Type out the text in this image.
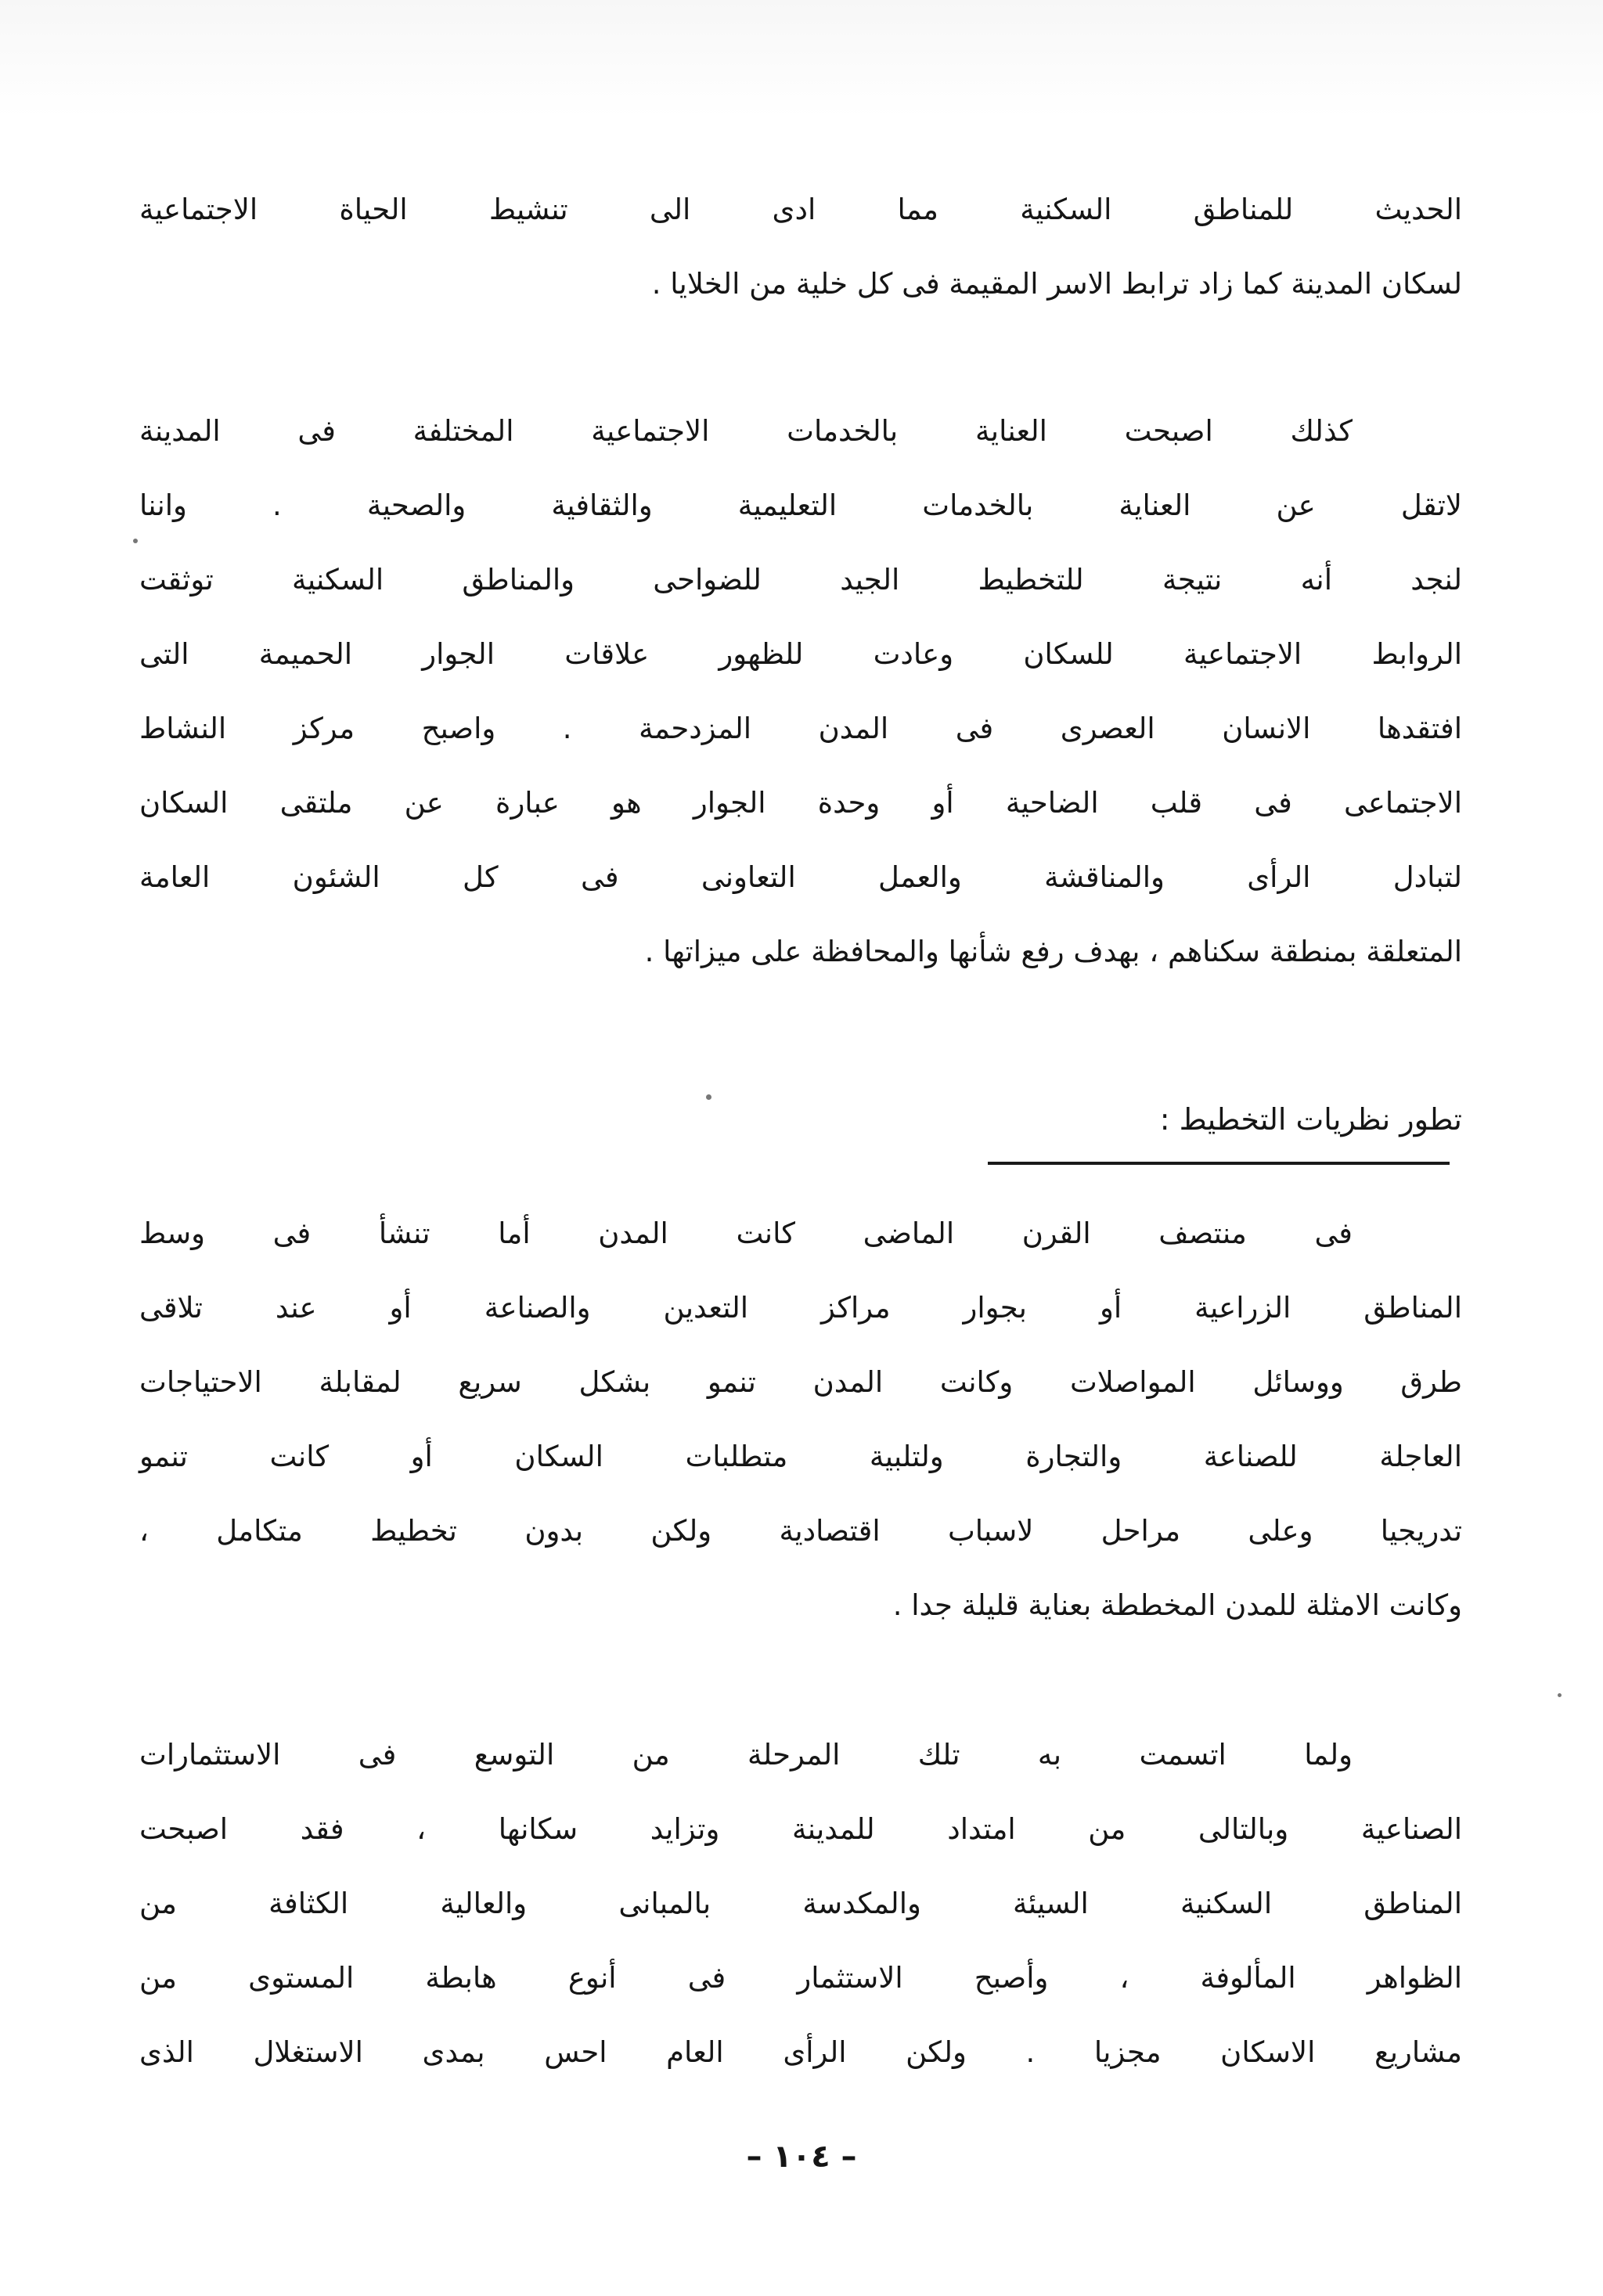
الحديث للمناطق السكنية مما ادى الى تنشيط الحياة الاجتماعية
لسكان المدينة كما زاد ترابط الاسر المقيمة فى كل خلية من الخلايا .
كذلك اصبحت العناية بالخدمات الاجتماعية المختلفة فى المدينة
لاتقل عن العناية بالخدمات التعليمية والثقافية والصحية . واننا
لنجد أنه نتيجة للتخطيط الجيد للضواحى والمناطق السكنية توثقت
الروابط الاجتماعية للسكان وعادت للظهور علاقات الجوار الحميمة التى
افتقدها الانسان العصرى فى المدن المزدحمة . واصبح مركز النشاط
الاجتماعى فى قلب الضاحية أو وحدة الجوار هو عبارة عن ملتقى السكان
لتبادل الرأى والمناقشة والعمل التعاونى فى كل الشئون العامة
المتعلقة بمنطقة سكناهم ، بهدف رفع شأنها والمحافظة على ميزاتها .
تطور نظريات التخطيط :
فى منتصف القرن الماضى كانت المدن أما تنشأ فى وسط
المناطق الزراعية أو بجوار مراكز التعدين والصناعة أو عند تلاقى
طرق ووسائل المواصلات وكانت المدن تنمو بشكل سريع لمقابلة الاحتياجات
العاجلة للصناعة والتجارة ولتلبية متطلبات السكان أو كانت تنمو
تدريجيا وعلى مراحل لاسباب اقتصادية ولكن بدون تخطيط متكامل ،
وكانت الامثلة للمدن المخططة بعناية قليلة جدا .
ولما اتسمت به تلك المرحلة من التوسع فى الاستثمارات
الصناعية وبالتالى من امتداد للمدينة وتزايد سكانها ، فقد اصبحت
المناطق السكنية السيئة والمكدسة بالمبانى والعالية الكثافة من
الظواهر المألوفة ، وأصبح الاستثمار فى أنوع هابطة المستوى من
مشاريع الاسكان مجزيا . ولكن الرأى العام احس بمدى الاستغلال الذى
– ١٠٤ –
